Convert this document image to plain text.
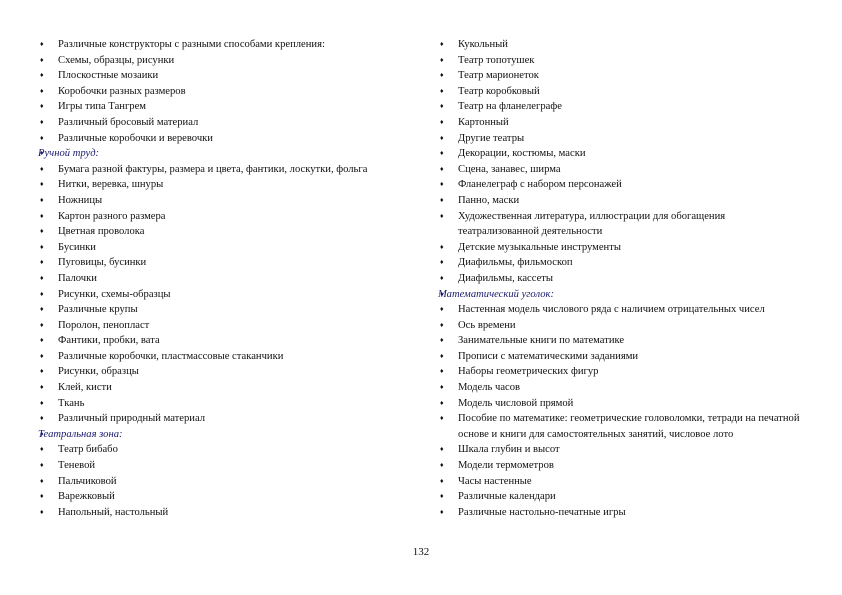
♦ Различные конструкторы с разными способами крепления:
♦ Схемы, образцы, рисунки
♦ Плоскостные мозаики
♦ Коробочки разных размеров
♦ Игры типа Тангрем
♦ Различный бросовый материал
♦ Различные коробочки и веревочки
♦ Ручной труд:
♦ Бумага разной фактуры, размера и цвета, фантики, лоскутки, фольга
♦ Нитки, веревка, шнуры
♦ Ножницы
♦ Картон разного размера
♦ Цветная проволока
♦ Бусинки
♦ Пуговицы, бусинки
♦ Палочки
♦ Рисунки, схемы-образцы
♦ Различные крупы
♦ Поролон, пенопласт
♦ Фантики, пробки, вата
♦ Различные коробочки, пластмассовые стаканчики
♦ Рисунки, образцы
♦ Клей, кисти
♦ Ткань
♦ Различный природный материал
♦ Театральная зона:
♦ Театр бибабо
♦ Теневой
♦ Пальчиковой
♦ Варежковый
♦ Напольный, настольный
♦ Кукольный
♦ Театр топотушек
♦ Театр марионеток
♦ Театр коробковый
♦ Театр на фланелеграфе
♦ Картонный
♦ Другие театры
♦ Декорации, костюмы, маски
♦ Сцена, занавес, ширма
♦ Фланелеграф с набором персонажей
♦ Панно, маски
♦ Художественная литература, иллюстрации для обогащения театрализованной деятельности
♦ Детские музыкальные инструменты
♦ Диафильмы, фильмоскоп
♦ Диафильмы, кассеты
♦ Математический уголок:
♦ Настенная модель числового ряда с наличием отрицательных чисел
♦ Ось времени
♦ Занимательные книги по математике
♦ Прописи с математическими заданиями
♦ Наборы геометрических фигур
♦ Модель часов
♦ Модель числовой прямой
♦ Пособие по математике: геометрические головоломки, тетради на печатной основе и книги для самостоятельных занятий, числовое лото
♦ Шкала глубин и высот
♦ Модели термометров
♦ Часы настенные
♦ Различные календари
♦ Различные настольно-печатные игры
132
